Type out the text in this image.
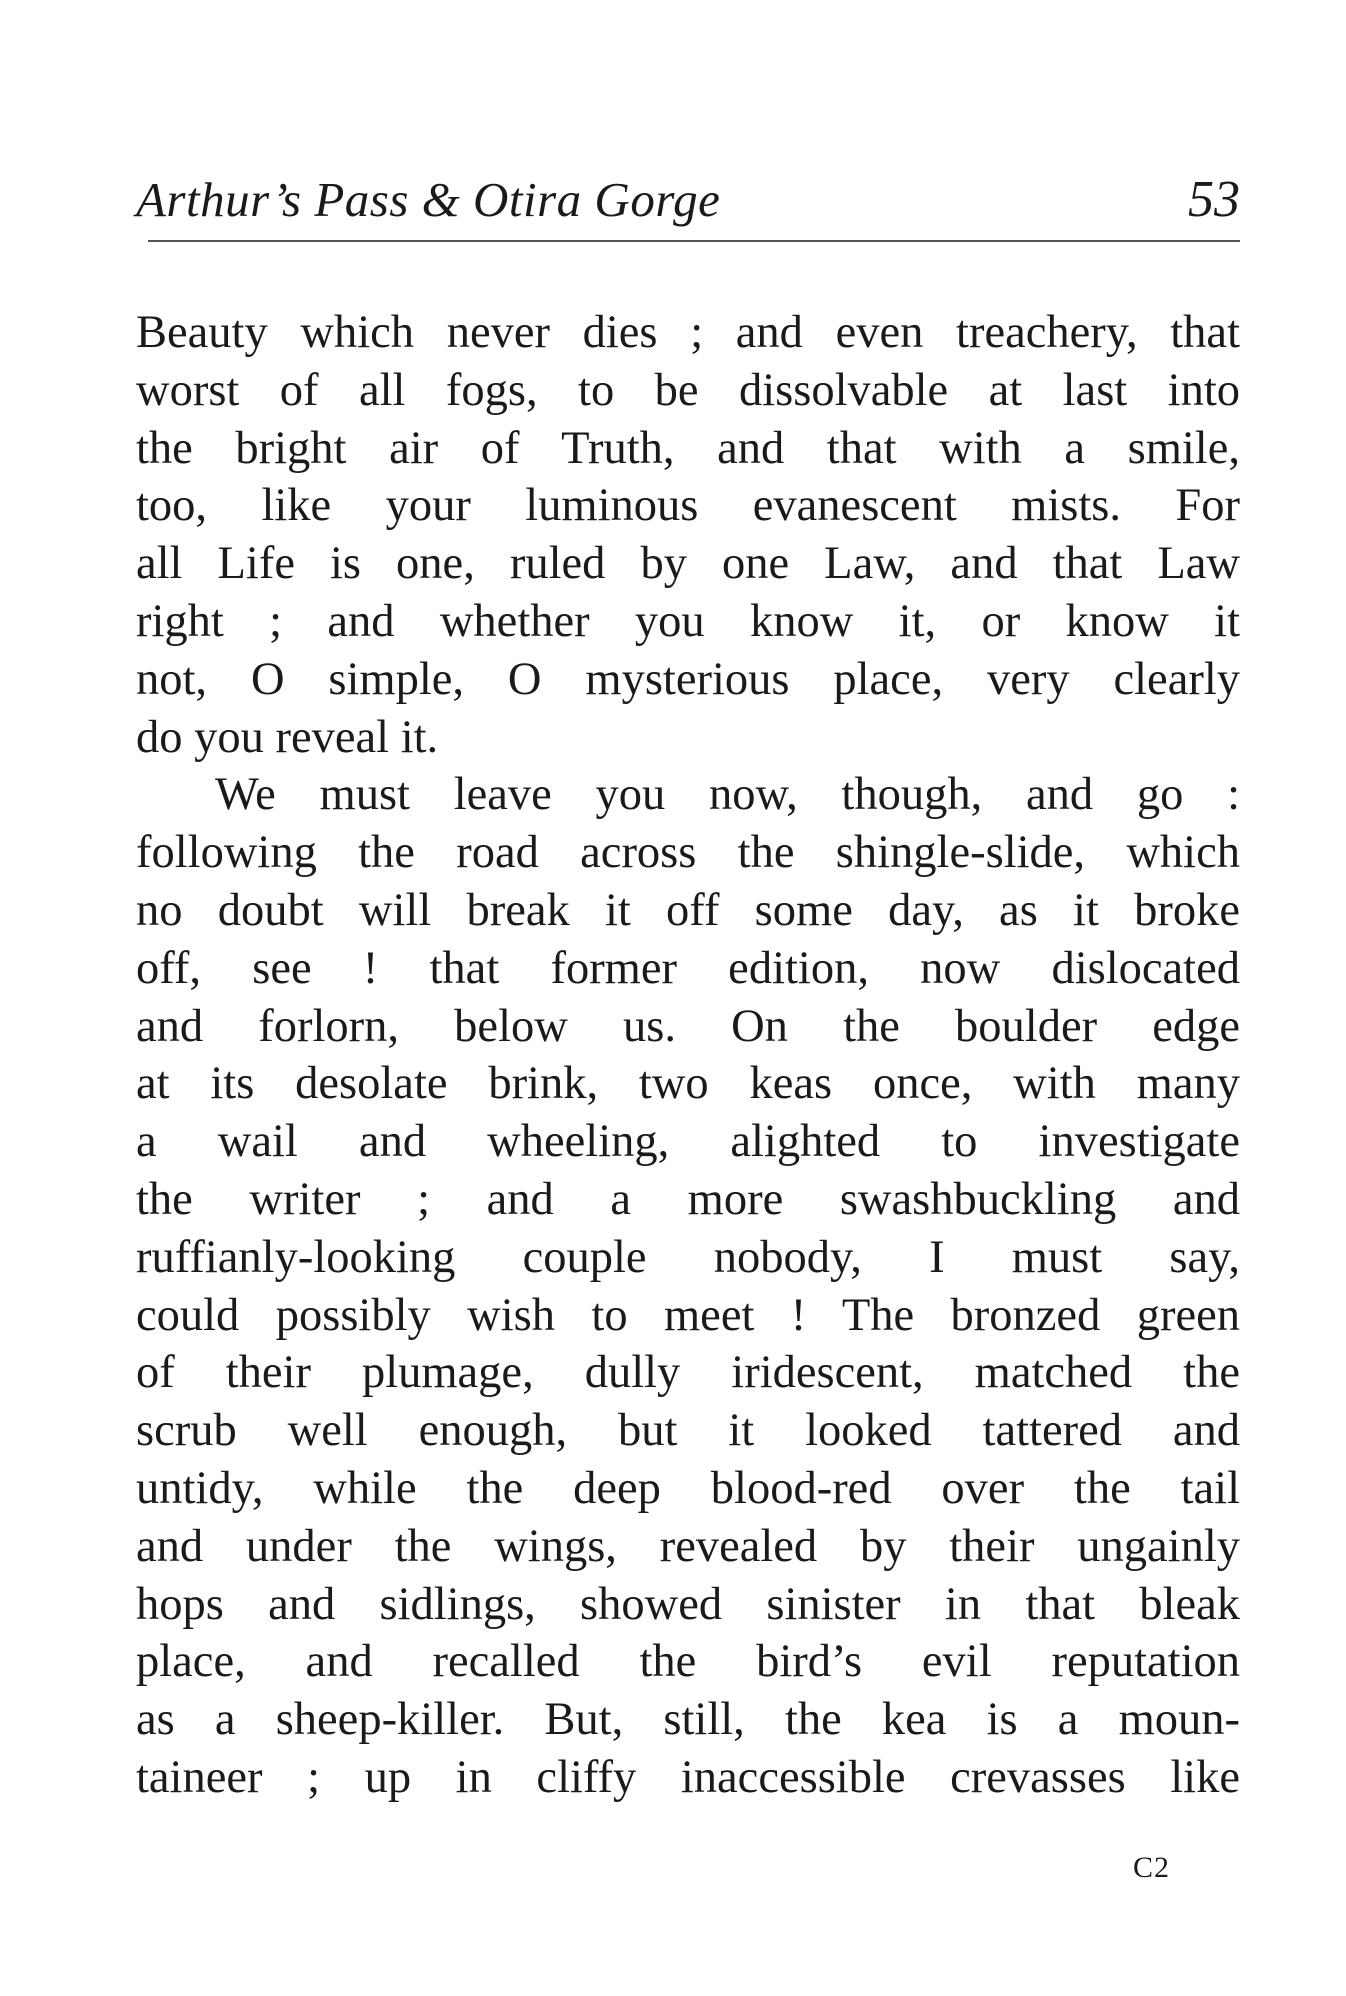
Arthur’s Pass & Otira Gorge	53
Beauty which never dies ; and even treachery, that
worst of all fogs, to be dissolvable at last into
the bright air of Truth, and that with a smile,
too, like your luminous evanescent mists. For
all Life is one, ruled by one Law, and that Law
right ; and whether you know it, or know it
not, O simple, O mysterious place, very clearly
do you reveal it.
We must leave you now, though, and go :
following the road across the shingle-slide, which
no doubt will break it off some day, as it broke
off, see ! that former edition, now dislocated
and forlorn, below us. On the boulder edge
at its desolate brink, two keas once, with many
a wail and wheeling, alighted to investigate
the writer ; and a more swashbuckling and
ruffianly-looking couple nobody, I must say,
could possibly wish to meet ! The bronzed green
of their plumage, dully iridescent, matched the
scrub well enough, but it looked tattered and
untidy, while the deep blood-red over the tail
and under the wings, revealed by their ungainly
hops and sidlings, showed sinister in that bleak
place, and recalled the bird’s evil reputation
as a sheep-killer. But, still, the kea is a moun-
taineer ; up in cliffy inaccessible crevasses like
C2
